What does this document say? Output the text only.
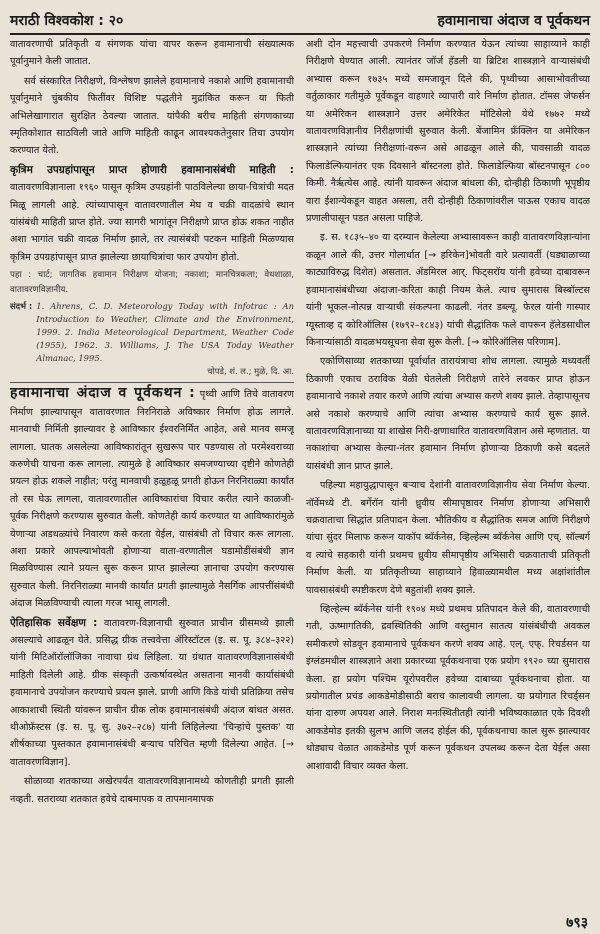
मराठी विश्वकोश : २०	हवामानाचा अंदाज व पूर्वकथन

वातावरणाची प्रतिकृती व संगणक यांचा वापर करून हवामानाची संख्यात्मक पूर्वानुमाने केली जातात.

सर्व संस्कारित निरीक्षणे, विश्लेषण झालेले हवामानाचे नकाशे आणि हवामानाची पूर्वानुमाने चुंबकीय फितींवर विशिष्ट पद्धतीने मुद्रांकित करून या फिती अभिलेखागारात सुरक्षित ठेवल्या जातात. यांपैकी बरीच माहिती संगणकाच्या स्मृतिकोशात साठविली जाते आणि माहिती काढून आवश्यकतेनुसार तिचा उपयोग करण्यात येतो.

कृत्रिम उपग्रहांपासून प्राप्त होणारी हवामानासंबंधी माहिती : वातावरणविज्ञानाला १९६० पासून कृत्रिम उपग्रहांनी पाठविलेल्या छाया-चित्रांची मदत मिळू लागली आहे. त्यांच्यापासून वातावरणातील मेघ व चक्री वादळांचे स्थान यांसंबंधी माहिती प्राप्त होते. ज्या सागरी भागांतून निरीक्षणे प्राप्त होऊ शकत नाहीत अशा भागांत चक्री वादळ निर्माण झाले, तर त्यासंबंधी पटकन माहिती मिळण्यास कृत्रिम उपग्रहांपासून प्राप्त झालेल्या छायाचित्रांचा फार उपयोग होतो.

पहा : चार्ट; जागतिक हवामान निरीक्षण योजना; नकाशा; मानचित्रकला; वेधशाळा, वातावरणविज्ञानीय.

संदर्भ : 1. Ahrens, C. D. Meteorology Today with Infotrac : An Introduction to Weather, Climate and the Environment, 1999. 2. India Meteorological Department, Weather Code (1955), 1962. 3. Williams, J. The USA Today Weather Almanac, 1995.
चोपडे, शं. ल.; मुळे, दि. आ.

हवामानाचा अंदाज व पूर्वकथन : पृथ्वी आणि तिचे वातावरण निर्माण झाल्यापासून वातावरणात निरनिराळे अविष्कार निर्माण होऊ लागले. मानवाची निर्मिती झाल्यावर हे आविष्कार ईश्वरनिर्मित आहेत, असे मानव समजू लागला. घातक असलेल्या आविष्कारांतून सुखरूप पार पडण्यास तो परमेश्वराच्या करुणेची याचना करू लागला. त्यामुळे हे आविष्कार समजण्याच्या दृष्टीने कोणतेही प्रयत्न होऊ शकले नाहीत; परंतु मानवाची हळूहळू प्रगती होऊन निरनिराळ्या कार्यांत तो रस घेऊ लागला, वातावरणातील आविष्कारांचा विचार करीत त्याने काळजी-पूर्वक निरीक्षणे करण्यास सुरुवात केली. कोणतेही कार्य करण्यात या आविष्कारांमुळे येणाऱ्या अडथळ्यांचे निवारण कसे करता येईल, यासंबंधी तो विचार करू लागला. अशा प्रकारे आपल्याभोवती होणाऱ्या वाता-वरणातील घडामोडींसंबंधी ज्ञान मिळविण्यास त्याने प्रयत्न सुरू करून प्राप्त झालेल्या ज्ञानाचा उपयोग करण्यास सुरुवात केली. निरनिराळ्या मानवी कार्यांत प्रगती झाल्यामुळे नैसर्गिक आपत्तींसंबंधी अंदाज मिळविण्याची त्याला गरज भासू लागली.

ऐतिहासिक सर्वेक्षण : वातावरण-विज्ञानाची सुरुवात प्राचीन ग्रीसमध्ये झाली असल्याचे आढळून येते. प्रसिद्ध ग्रीक तत्त्ववेत्ता ॲरिस्टॉटल (इ. स. पू. ३८४–३२२) यांनी मिटिऑरॉलॉजिका नावाचा ग्रंथ लिहिला. या ग्रंथात वातावरणविज्ञानासंबंधी माहिती दिलेली आहे. ग्रीक संस्कृती उत्कर्षावस्थेत असताना मानवी कार्यासंबंधी हवामानाचे उपयोजन करण्याचे प्रयत्न झाले. प्राणी आणि किडे यांची प्रतिक्रिया तसेच आकाशाची स्थिती यांवरून प्राचीन ग्रीक लोक हवामानासंबंधी अंदाज बांधत असत. थीओफ्रॅस्टस (इ. स. पू. सु. ३७२–२८७) यांनी लिहिलेल्या 'चिन्हांचे पुस्तक' या शीर्षकाच्या पुस्तकात हवामानासंबंधी बऱ्याच परिचित म्हणी दिलेल्या आहेत. [→ वातावरणविज्ञान].

सोळाव्या शतकाच्या अखेरपर्यंत वातावरणविज्ञानामध्ये कोणतीही प्रगती झाली नव्हती. सतराव्या शतकात हवेचे दाबमापक व तापमानमापक

अशी दोन महत्त्वाची उपकरणे निर्माण करण्यात येऊन त्यांच्या साहाय्याने काही निरीक्षणे घेण्यात आली. त्यानंतर जॉर्ज हॅडली या ब्रिटिश शास्त्रज्ञाने वाऱ्यासंबंधी अभ्यास करून १७३५ मध्ये समजावून दिले की, पृथ्वीच्या आसाभोवतीच्या वर्तुळाकार गतीमुळे पूर्वेकडून वाहणारे व्यापारी वारे निर्माण होतात. टॉमस जेफर्सन या अमेरिकन शास्त्रज्ञाने उत्तर अमेरिकेत मॉटिसेलो येथे १७७२ मध्ये वातावरणविज्ञानीय निरीक्षणांची सुरुवात केली. बेंजामिन फ्रँक्लिन या अमेरिकन शास्त्रज्ञाने त्यांच्या निरीक्षणां-वरून असे आढळून आले की, पावसाळी वादळ फिलाडेल्फियानंतर एक दिवसाने बॉस्टनला होते. फिलाडेल्फिया बॉस्टनपासून ८०० किमी. नैर्ऋत्येस आहे. त्यांनी यावरून अंदाज बांधला की, दोन्हीही ठिकाणी भूपृष्ठीय वारा ईशान्येकडून वाहत असला, तरी दोन्हीही ठिकाणांवरील पाऊस एकाच वादळ प्रणालीपासून पडत असला पाहिजे.

इ. स. १८३५–४० या दरम्यान केलेल्या अभ्यासावरून काही वातावरणविज्ञान्यांना कळून आले की, उत्तर गोलार्धात [→ हरिकेन]भोवती वारे प्रत्यावर्ती (घड्याळाच्या काट्याविरुद्ध दिशेत) असतात. ॲडमिरल आर्. फिट्सरॉय यांनी हवेच्या दाबावरून हवामानासंबंधीच्या अंदाजा-करिता काही नियम केले. त्याच सुमारास बिस्बॉल्टस यांनी भूकल-नोत्पन्न वाऱ्याची संकल्पना काढली. नंतर डब्ल्यू. फेरल यांनी गास्पार ग्यूस्ताव्ह द कोरिऑलिस (१७९२–१८४३) यांची सैद्धांतिक फले वापरून हॅलेडसाधील किनाऱ्यांसाठी वादळभयसूचना सेवा सुरू केली. [→ कोरिऑलिस परिणाम].

एकोणिसाव्या शतकाच्या पूर्वार्धात तारायंत्राचा शोध लागला. त्यामुळे मध्यवर्ती ठिकाणी एकाच ठराविक वेळी घेतलेली निरीक्षणे तारेने लवकर प्राप्त होऊन हवामानाचे नकाशे तयार करणे आणि त्यांचा अभ्यास करणे शक्य झाले. तेव्हापासूनच असे नकाशे करण्याचे आणि त्यांचा अभ्यास करण्याचे कार्य सुरू झाले. वातावरणविज्ञानाच्या या शाखेस निरी-क्षणाधारित वातावरणविज्ञान असे म्हणतात. या नकाशांचा अभ्यास केल्या-नंतर हवामान निर्माण होणाऱ्या ठिकाणी कसे बदलते यासंबंधी ज्ञान प्राप्त झाले.

पहिल्या महायुद्धापासून बऱ्याच देशांनी वातावरणविज्ञानीय सेवा निर्माण केल्या. नॉर्वेमध्ये टी. बर्गेरॉन यांनी ध्रुवीय सीमापृष्ठावर निर्माण होणाऱ्या अभिसारी चक्रवाताचा सिद्धांत प्रतिपादन केला. भौतिकीय व सैद्धांतिक समज आणि निरीक्षणे यांचा सुंदर मिलाफ करून याकॉप ब्यॅर्कनेस, व्हिल्हेल्म ब्यॅर्कनेस आणि एच्. सॉल्बर्ग व त्यांचे सहकारी यांनी प्रथमच ध्रुवीय सीमापृष्ठीय अभिसारी चक्रवाताची प्रतिकृती निर्माण केली. या प्रतिकृतीच्या साहाय्याने हिवाळ्यामधील मध्य अक्षांशांतील पावसासंबंधी स्पष्टीकरण देणे बहुतांशी शक्य झाले.

व्हिल्हेल्म ब्यॅर्कनेस यांनी १९०४ मध्ये प्रथमच प्रतिपादन केले की, वातावरणाची गती, ऊष्मागतिकी, द्रवस्थितिकी आणि वस्तुमान सातत्य यांसंबंधीची अवकल समीकरणे सोडवून हवामानाचे पूर्वकथन करणे शक्य आहे. एल्. एफ्. रिचर्डसन या इंग्लंडमधील शास्त्रज्ञाने अशा प्रकारच्या पूर्वकथनाचा एक प्रयोग १९२० च्या सुमारास केला. हा प्रयोग पश्चिम यूरोपवरील हवेच्या दाबाच्या पूर्वकथनाचा होता. या प्रयोगातील प्रचंड आकडेमोडीसाठी बराच कालावधी लागला. या प्रयोगात रिचर्ड्सन यांना दारुण अपयश आले. निराश मनःस्थितीतही त्यांनी भविष्यकाळात एके दिवशी आकडेमोड इतकी सुलभ आणि जलद होईल की, पूर्वकथनाचा काल सुरू झाल्यावर थोड्याच वेळात आकडेमोड पूर्ण करून पूर्वकथन उपलब्ध करून देता येईल असा आशावादी विचार व्यक्त केला.

७९३
